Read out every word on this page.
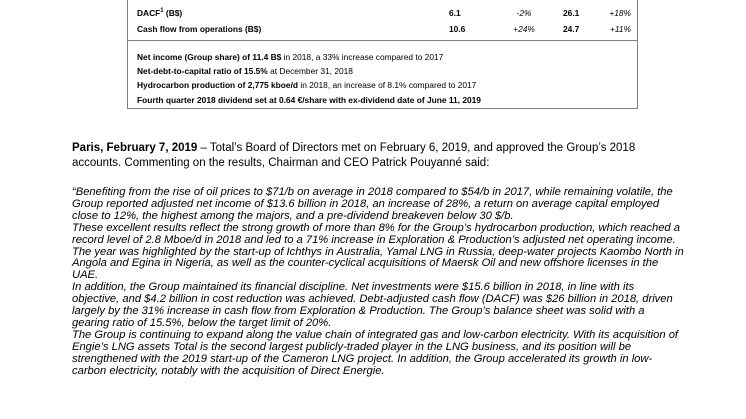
DACF$^1$ (B$)	6.1	-2%	26.1	+18%
Cash flow from operations (B$)	10.6	+24%	24.7	+11%
Net income (Group share) of 11.4 B$ in 2018, a 33% increase compared to 2017
Net-debt-to-capital ratio of 15.5% at December 31, 2018
Hydrocarbon production of 2,775 kboe/d in 2018, an increase of 8.1% compared to 2017
Fourth quarter 2018 dividend set at 0.64 €/share with ex-dividend date of June 11, 2019
Paris, February 7, 2019 – Total’s Board of Directors met on February 6, 2019, and approved the Group’s 2018 accounts. Commenting on the results, Chairman and CEO Patrick Pouyanné said:

“Benefiting from the rise of oil prices to $71/b on average in 2018 compared to $54/b in 2017, while remaining volatile, the Group reported adjusted net income of $13.6 billion in 2018, an increase of 28%, a return on average capital employed close to 12%, the highest among the majors, and a pre-dividend breakeven below 30 $/b.

These excellent results reflect the strong growth of more than 8% for the Group’s hydrocarbon production, which reached a record level of 2.8 Mboe/d in 2018 and led to a 71% increase in Exploration & Production’s adjusted net operating income. The year was highlighted by the start-up of Ichthys in Australia, Yamal LNG in Russia, deep-water projects Kaombo North in Angola and Egina in Nigeria, as well as the counter-cyclical acquisitions of Maersk Oil and new offshore licenses in the UAE.

In addition, the Group maintained its financial discipline. Net investments were $15.6 billion in 2018, in line with its objective, and $4.2 billion in cost reduction was achieved. Debt-adjusted cash flow (DACF) was $26 billion in 2018, driven largely by the 31% increase in cash flow from Exploration & Production. The Group’s balance sheet was solid with a gearing ratio of 15.5%, below the target limit of 20%.

The Group is continuing to expand along the value chain of integrated gas and low-carbon electricity. With its acquisition of Engie’s LNG assets Total is the second largest publicly-traded player in the LNG business, and its position will be strengthened with the 2019 start-up of the Cameron LNG project. In addition, the Group accelerated its growth in low-carbon electricity, notably with the acquisition of Direct Energie.
